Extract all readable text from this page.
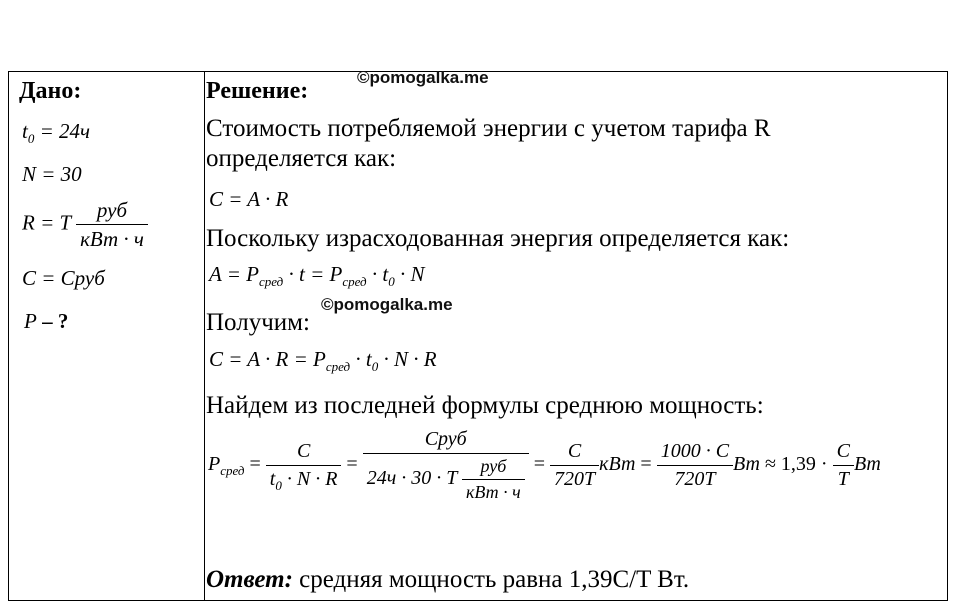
Дано:
$t_0 = 24ч$
N = 30
R = T $\frac{\text{руб}}{\text{кВт · ч}}$
C = Cруб
P – ?
Решение:
©pomogalka.me
Стоимость потребляемой энергии с учетом тарифа R
определяется как:
C = A · R
Поскольку израсходованная энергия определяется как:
$A = P_{сред} \cdot t = P_{сред} \cdot t_0 \cdot N$
©pomogalka.me
Получим:
$C = A \cdot R = P_{сред} \cdot t_0 \cdot N \cdot R$
Найдем из последней формулы среднюю мощность:
$P_{сред} = \frac{C}{t_0 \cdot N \cdot R} = \frac{\text{Cруб}}{24ч \cdot 30 \cdot T \frac{\text{руб}}{\text{кВт · ч}}} = \frac{C}{720T}$ кВт = $\frac{1000 \cdot C}{720T}$ Вт ≈ $1,39 \cdot \frac{C}{T}$ Вт
Ответ: средняя мощность равна 1,39C/T Вт.
